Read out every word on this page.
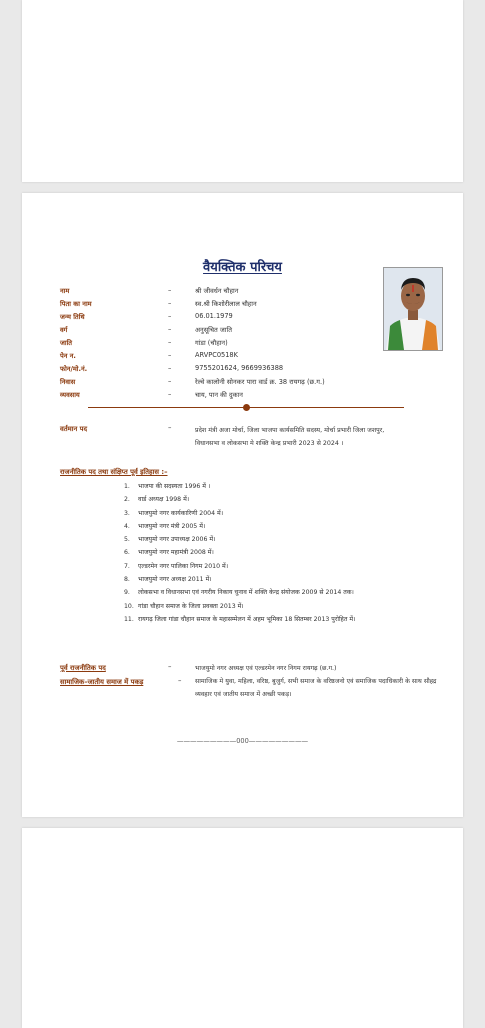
वैयक्तिक परिचय
नाम	–	श्री जीवर्धन चौहान
पिता का नाम	–	स्व.श्री किशोरीलाल चौहान
जन्म तिथि	–	06.01.1979
वर्ग	–	अनुसूचित जाति
जाति	–	गांडा (चौहान)
पेन न.	–	ARVPC0518K
फोन/मो.नं.	–	9755201624, 9669936388
निवास	–	रेल्वे कालोनी सोनकर पारा वार्ड क्र. 38 रायगढ़ (छ.ग.)
व्यवसाय	–	चाय, पान की दुकान
वर्तमान पद	–	प्रदेश मंत्री अजा मोर्चा, जिला भाजपा कार्यसमिति सदस्य, मोर्चा प्रभारी जिला जशपुर, विधानसभा व लोकसभा मे शक्ति केन्द्र प्रभारी 2023 से 2024 ।
राजनीतिक पद तथा संक्षिप्त पूर्व इतिहास :–
1. भाजपा की सदस्यता 1996 में ।
2. वार्ड अध्यक्ष 1998 में।
3. भाजयुमो नगर कार्यकारिणी 2004 में।
4. भाजयुमो नगर मंत्री 2005 में।
5. भाजयुमो नगर उपाध्यक्ष 2006 में।
6. भाजयुमो नगर महामंत्री 2008 में।
7. एल्डरमेन नगर पालिका निगम 2010 में।
8. भाजयुमो नगर अध्यक्ष 2011 में।
9. लोकसभा व विधानसभा एवं नगरीय निकाय चुनाव में शक्ति केन्द्र संयोजक 2009 से 2014 तक।
10. गांडा चौहान समाज के जिला प्रवक्ता 2013 में।
11. रायगढ़ जिला गांडा चौहान समाज के महासम्मेलन में अहम भूमिका 18 सितम्बर 2013 पुरोहित में।
पूर्व राजनीतिक पद	–	भाजयुमो नगर अध्यक्ष एवं एल्डरमेन नगर निगम रायगढ़ (छ.ग.)
सामाजिक–जातीय समाज में पकड़	– सामाजिक मे युवा, महिला, वरिष्ठ, बुजुर्ग, सभी समाज के वरिष्ठजनो एवं समाजिक पदाधिकारी के साथ सौहद्र व्यवहार एवं जातीय समाज में अच्छी पकड़।
—————————000—————————
